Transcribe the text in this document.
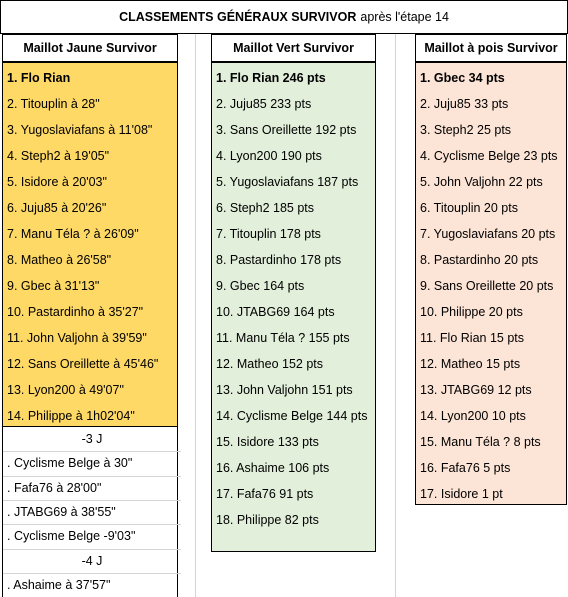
CLASSEMENTS GÉNÉRAUX SURVIVOR après l'étape 14
Maillot Jaune Survivor	Maillot Vert Survivor	Maillot à pois Survivor
1. Flo Rian
2. Titouplin à 28"
3. Yugoslaviafans à 11'08"
4. Steph2 à 19'05"
5. Isidore à 20'03"
6. Juju85 à 20'26"
7. Manu Téla ? à 26'09"
8. Matheo à 26'58"
9. Gbec à 31'13"
10. Pastardinho à 35'27"
11. John Valjohn à 39'59"
12. Sans Oreillette à 45'46"
13. Lyon200 à 49'07"
14. Philippe à 1h02'04"
-3 J
. Cyclisme Belge à 30"
. Fafa76 à 28'00"
. JTABG69 à 38'55"
. Cyclisme Belge -9'03"
-4 J
. Ashaime à 37'57"
1. Flo Rian 246 pts
2. Juju85 233 pts
3. Sans Oreillette 192 pts
4. Lyon200 190 pts
5. Yugoslaviafans 187 pts
6. Steph2 185 pts
7. Titouplin 178 pts
8. Pastardinho 178 pts
9. Gbec 164 pts
10. JTABG69 164 pts
11. Manu Téla ? 155 pts
12. Matheo 152 pts
13. John Valjohn 151 pts
14. Cyclisme Belge 144 pts
15. Isidore 133 pts
16. Ashaime 106 pts
17. Fafa76 91 pts
18. Philippe 82 pts
1. Gbec 34 pts
2. Juju85 33 pts
3. Steph2 25 pts
4. Cyclisme Belge 23 pts
5. John Valjohn 22 pts
6. Titouplin 20 pts
7. Yugoslaviafans 20 pts
8. Pastardinho 20 pts
9. Sans Oreillette 20 pts
10. Philippe 20 pts
11. Flo Rian 15 pts
12. Matheo 15 pts
13. JTABG69 12 pts
14. Lyon200 10 pts
15. Manu Téla ? 8 pts
16. Fafa76 5 pts
17. Isidore 1 pt
